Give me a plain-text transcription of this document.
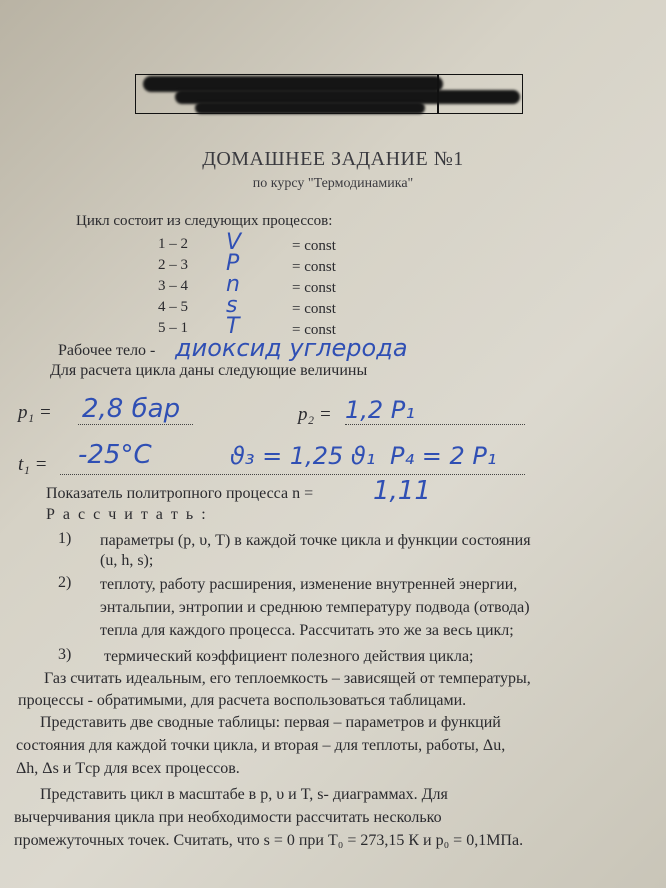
ДОМАШНЕЕ ЗАДАНИЕ №1
по курсу "Термодинамика"
Цикл состоит из следующих процессов:
1 – 2 V	= const
2 – 3 P	= const
3 – 4 n	= const
4 – 5 s	= const
5 – 1 T	= const
Рабочее тело - диоксид углерода
Для расчета цикла даны следующие величины
p₁ = 2,8 бар	p₂ = 1,2 P₁
t₁ = -25°C	ϑ₃ = 1,25 ϑ₁ P₄ = 2 P₁
Показатель политропного процесса n = 1,11
Р а с с ч и т а т ь :
1) параметры (p, υ, T) в каждой точке цикла и функции состояния
(u, h, s);
2) теплоту, работу расширения, изменение внутренней энергии,
энтальпии, энтропии и среднюю температуру подвода (отвода)
тепла для каждого процесса. Рассчитать это же за весь цикл;
3) термический коэффициент полезного действия цикла;
Газ считать идеальным, его теплоемкость – зависящей от температуры,
процессы - обратимыми, для расчета воспользоваться таблицами.
Представить две сводные таблицы: первая – параметров и функций
состояния для каждой точки цикла, и вторая – для теплоты, работы, Δu,
Δh, Δs и Tср для всех процессов.
Представить цикл в масштабе в p, υ и T, s- диаграммах. Для
вычерчивания цикла при необходимости рассчитать несколько
промежуточных точек. Считать, что s = 0 при T₀ = 273,15 К и p₀ = 0,1МПа.
